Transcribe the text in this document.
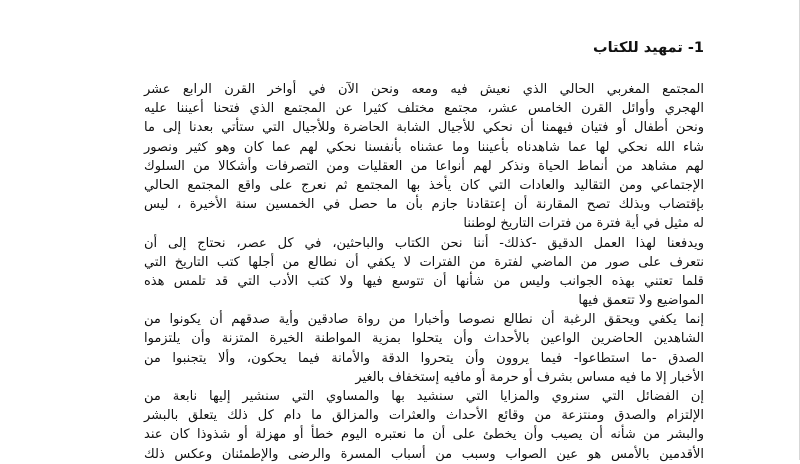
1- تمهيد للكتاب
المجتمع المغربي الحالي الذي نعيش فيه ومعه ونحن الآن في أواخر القرن الرابع عشر
الهجري وأوائل القرن الخامس عشر، مجتمع مختلف كثيرا عن المجتمع الذي فتحنا أعيننا عليه
ونحن أطفال أو فتيان فيهمنا أن نحكي للأجيال الشابة الحاضرة وللأجيال التي ستأتي بعدنا إلى ما
شاء الله نحكي لها عما شاهدناه بأعيننا وما عشناه بأنفسنا نحكي لهم عما كان وهو كثير ونصور
لهم مشاهد من أنماط الحياة ونذكر لهم أنواعا من العقليات ومن التصرفات وأشكالا من السلوك
الإجتماعي ومن التقاليد والعادات التي كان يأخذ بها المجتمع ثم نعرج على واقع المجتمع الحالي
بإقتضاب وبذلك تصح المقارنة أن إعتقادنا جازم بأن ما حصل في الخمسين سنة الأخيرة ، ليس
له مثيل في أية فترة من فترات التاريخ لوطننا
ويدفعنا لهذا العمل الدقيق -كذلك- أننا نحن الكتاب والباحثين، في كل عصر، نحتاج إلى أن
نتعرف على صور من الماضي لفترة من الفترات لا يكفي أن نطالع من أجلها كتب التاريخ التي
قلما تعتني بهذه الجوانب وليس من شأنها أن تتوسع فيها ولا كتب الأدب التي قد تلمس هذه
المواضيع ولا تتعمق فيها
إنما يكفي ويحقق الرغبة أن نطالع نصوصا وأخبارا من رواة صادقين وأية صدقهم أن يكونوا من
الشاهدين الحاضرين الواعين بالأحداث وأن يتحلوا بمزية المواطنة الخيرة المتزنة وأن يلتزموا
الصدق -ما استطاعوا- فيما يروون وأن يتحروا الدقة والأمانة فيما يحكون، وألا يتجنبوا من
الأخبار إلا ما فيه مساس بشرف أو حرمة أو مافيه إستخفاف بالغير
إن الفضائل التي سنروي والمزايا التي سنشيد بها والمساوي التي سنشير إليها نابعة من
الإلتزام والصدق ومنتزعة من وقائع الأحداث والعثرات والمزالق ما دام كل ذلك يتعلق بالبشر
والبشر من شأنه أن يصيب وأن يخطئ على أن ما نعتبره اليوم خطأ أو مهزلة أو شذوذا كان عند
الأقدمين بالأمس هو عين الصواب وسبب من أسباب المسرة والرضى والإطمئنان وعكس ذلك
